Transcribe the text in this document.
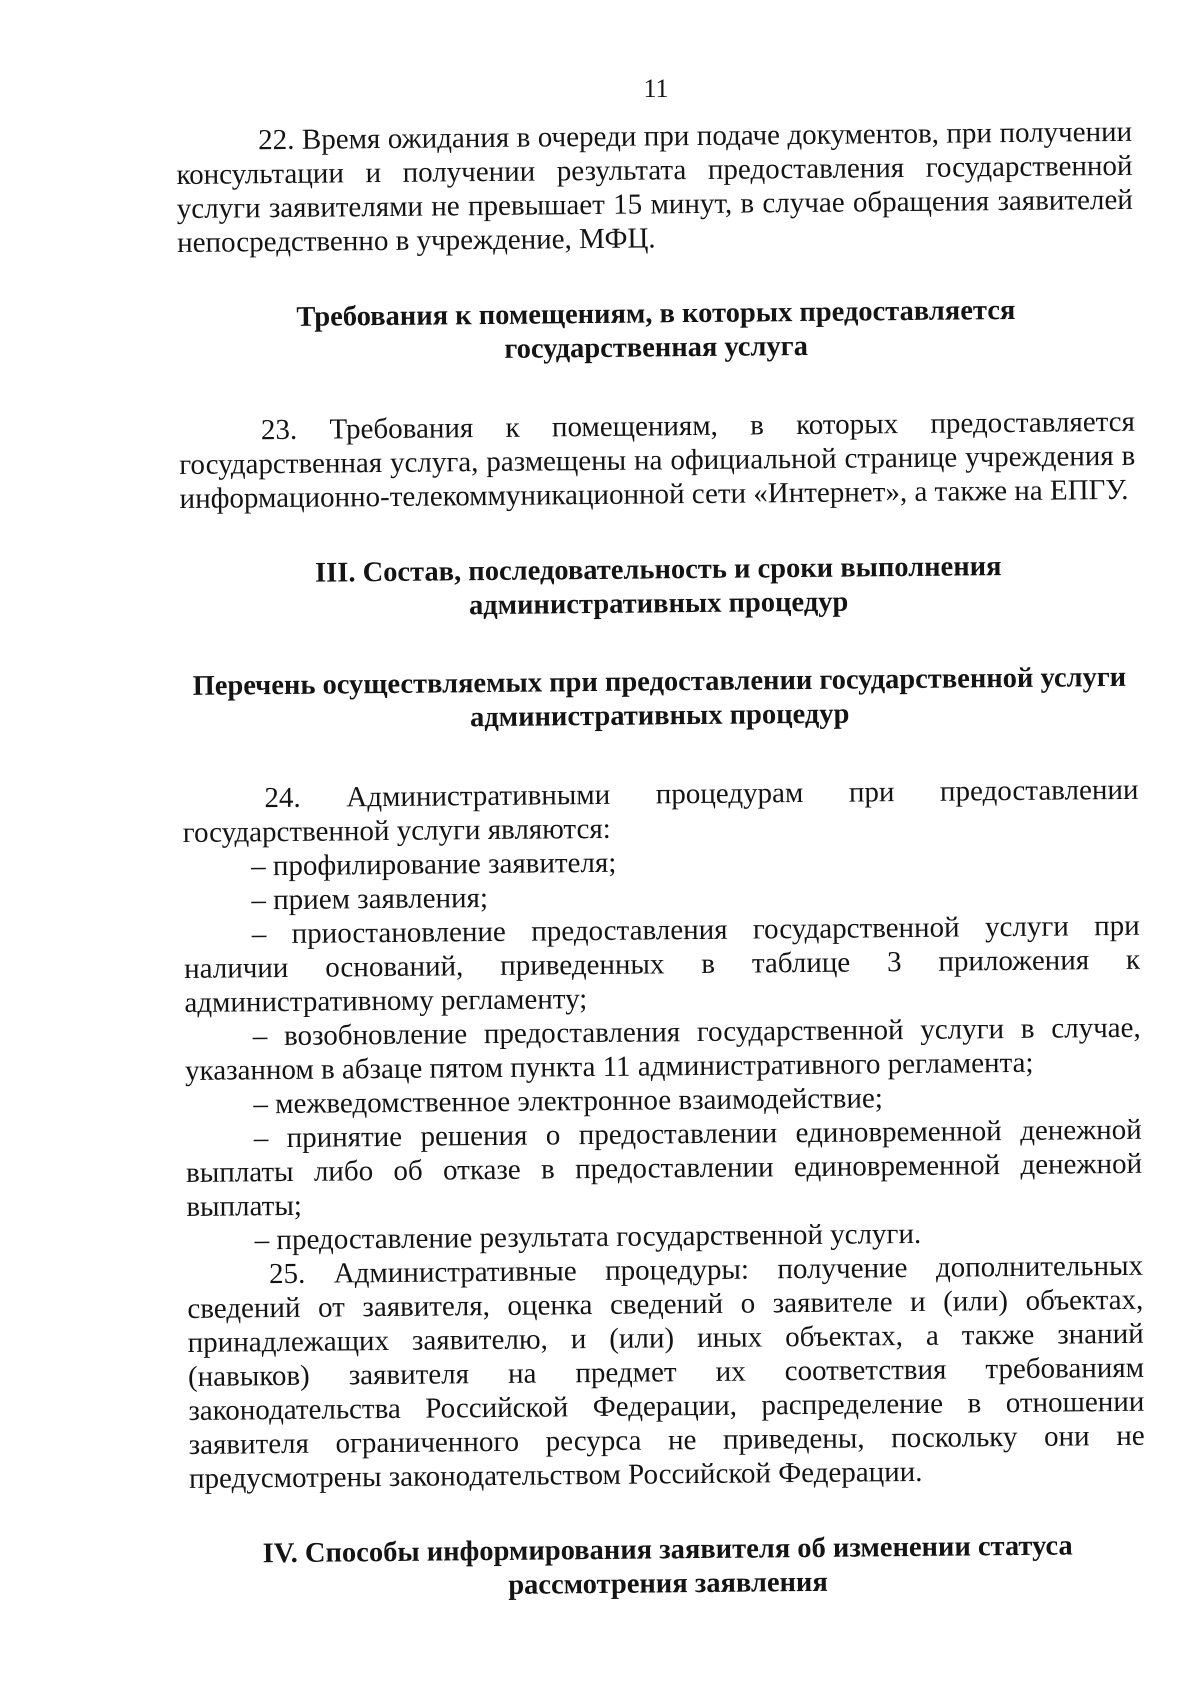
11

22. Время ожидания в очереди при подаче документов, при получении консультации и получении результата предоставления государственной услуги заявителями не превышает 15 минут, в случае обращения заявителей непосредственно в учреждение, МФЦ.

Требования к помещениям, в которых предоставляется
государственная услуга

23. Требования к помещениям, в которых предоставляется государственная услуга, размещены на официальной странице учреждения в информационно-телекоммуникационной сети «Интернет», а также на ЕПГУ.

III. Состав, последовательность и сроки выполнения
административных процедур
Перечень осуществляемых при предоставлении государственной услуги
административных процедур

24. Административными процедурам при предоставлении государственной услуги являются:

– профилирование заявителя;

– прием заявления;

– приостановление предоставления государственной услуги при наличии оснований, приведенных в таблице 3 приложения к административному регламенту;

– возобновление предоставления государственной услуги в случае, указанном в абзаце пятом пункта 11 административного регламента;

– межведомственное электронное взаимодействие;

– принятие решения о предоставлении единовременной денежной выплаты либо об отказе в предоставлении единовременной денежной выплаты;

– предоставление результата государственной услуги.

25. Административные процедуры: получение дополнительных сведений от заявителя, оценка сведений о заявителе и (или) объектах, принадлежащих заявителю, и (или) иных объектах, а также знаний (навыков) заявителя на предмет их соответствия требованиям законодательства Российской Федерации, распределение в отношении заявителя ограниченного ресурса не приведены, поскольку они не предусмотрены законодательством Российской Федерации.

IV. Способы информирования заявителя об изменении статуса
рассмотрения заявления
